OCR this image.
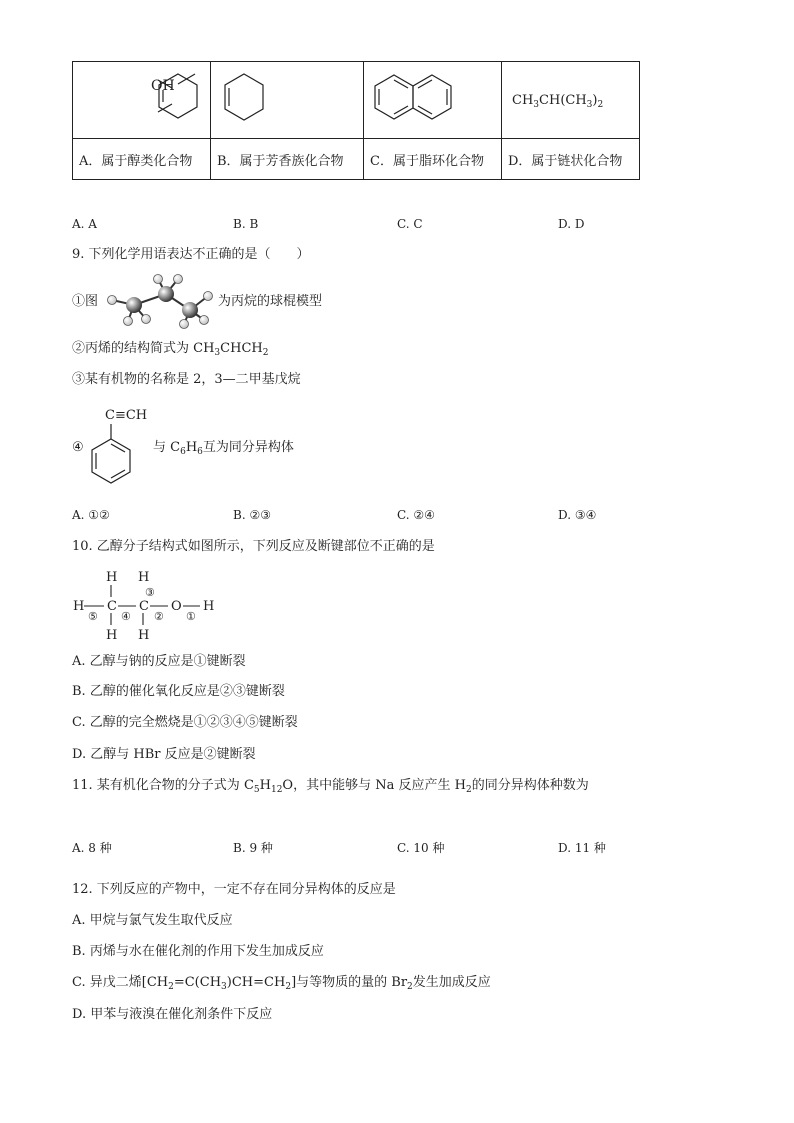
OH			$CH_3CH(CH_3)_2$

A．属于醇类化合物	B．属于芳香族化合物	C．属于脂环化合物	D．属于链状化合物
A. A	B. B	C. C	D. D
9. 下列化学用语表达不正确的是（　　）
①图	为丙烷的球棍模型
②丙烯的结构简式为 $CH_3CHCH_2$
③某有机物的名称是 2，3—二甲基戊烷
④
C≡CH
与 $C_6H_6$互为同分异构体
A. ①②	B. ②③	C. ②④	D. ③④
10. 乙醇分子结构式如图所示，下列反应及断键部位不正确的是
H
H
C
H
H
C
H
O H
③
⑤ ④ ② ①
A. 乙醇与钠的反应是①键断裂
B. 乙醇的催化氧化反应是②③键断裂
C. 乙醇的完全燃烧是①②③④⑤键断裂
D. 乙醇与 HBr 反应是②键断裂
11. 某有机化合物的分子式为 $C_5H_{12}O$，其中能够与 Na 反应产生 $H_2$的同分异构体种数为
A. 8 种	B. 9 种	C. 10 种	D. 11 种
12. 下列反应的产物中，一定不存在同分异构体的反应是
A. 甲烷与氯气发生取代反应
B. 丙烯与水在催化剂的作用下发生加成反应
C. 异戊二烯$[CH_2=C(CH_3)CH=CH_2]$与等物质的量的 $Br_2$发生加成反应
D. 甲苯与液溴在催化剂条件下反应
